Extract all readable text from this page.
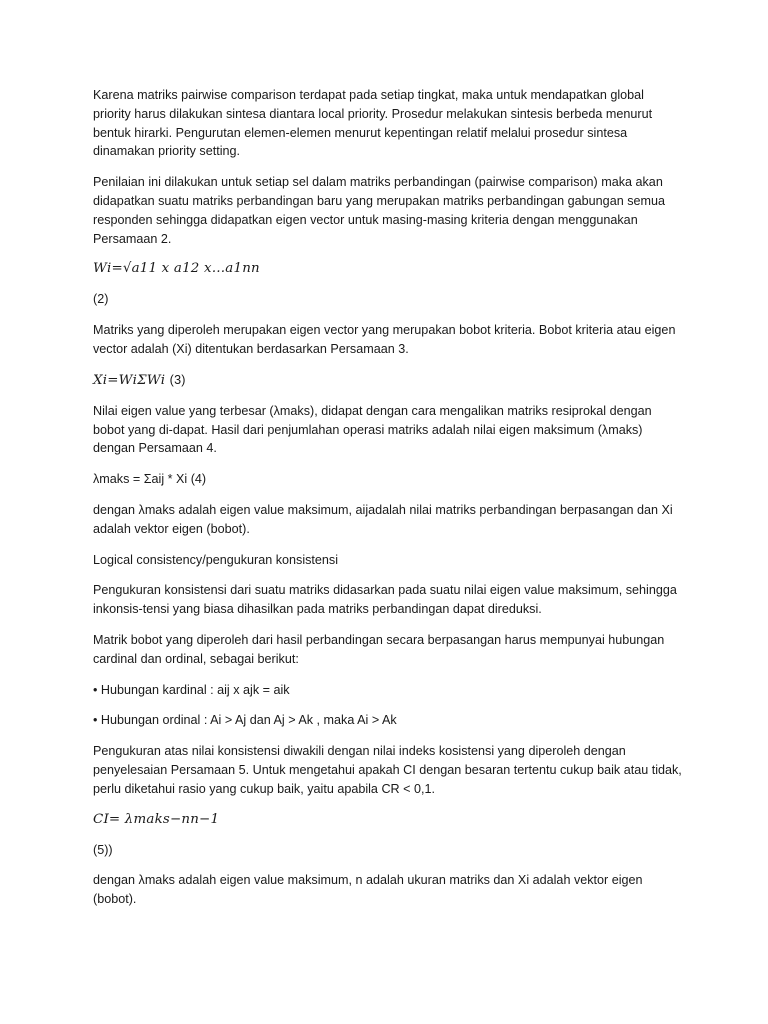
Karena matriks pairwise comparison terdapat pada setiap tingkat, maka untuk mendapatkan global priority harus dilakukan sintesa diantara local priority. Prosedur melakukan sintesis berbeda menurut bentuk hirarki. Pengurutan elemen-elemen menurut kepentingan relatif melalui prosedur sintesa dinamakan priority setting.

Penilaian ini dilakukan untuk setiap sel dalam matriks perbandingan (pairwise comparison) maka akan didapatkan suatu matriks perbandingan baru yang merupakan matriks perbandingan gabungan semua responden sehingga didapatkan eigen vector untuk masing-masing kriteria dengan menggunakan Persamaan 2.

𝑊𝑖=√𝑎11 𝑥 𝑎12 𝑥…𝑎1𝑛𝑛

(2)

Matriks yang diperoleh merupakan eigen vector yang merupakan bobot kriteria. Bobot kriteria atau eigen vector adalah (Xi) ditentukan berdasarkan Persamaan 3.

𝑋𝑖=𝑊𝑖Σ𝑊𝑖 (3)

Nilai eigen value yang terbesar (λmaks), didapat dengan cara mengalikan matriks resiprokal dengan bobot yang di-dapat. Hasil dari penjumlahan operasi matriks adalah nilai eigen maksimum (λmaks) dengan Persamaan 4.

λmaks = Σaij * Xi (4)

dengan λmaks adalah eigen value maksimum, aijadalah nilai matriks perbandingan berpasangan dan Xi adalah vektor eigen (bobot).

Logical consistency/pengukuran konsistensi

Pengukuran konsistensi dari suatu matriks didasarkan pada suatu nilai eigen value maksimum, sehingga inkonsis-tensi yang biasa dihasilkan pada matriks perbandingan dapat direduksi.

Matrik bobot yang diperoleh dari hasil perbandingan secara berpasangan harus mempunyai hubungan cardinal dan ordinal, sebagai berikut:

• Hubungan kardinal : aij x ajk = aik

• Hubungan ordinal : Ai > Aj dan Aj > Ak , maka Ai > Ak

Pengukuran atas nilai konsistensi diwakili dengan nilai indeks kosistensi yang diperoleh dengan penyelesaian Persamaan 5. Untuk mengetahui apakah CI dengan besaran tertentu cukup baik atau tidak, perlu diketahui rasio yang cukup baik, yaitu apabila CR < 0,1.

𝐶𝐼= 𝜆𝑚𝑎𝑘𝑠−𝑛𝑛−1

(5))

dengan λmaks adalah eigen value maksimum, n adalah ukuran matriks dan Xi adalah vektor eigen (bobot).
